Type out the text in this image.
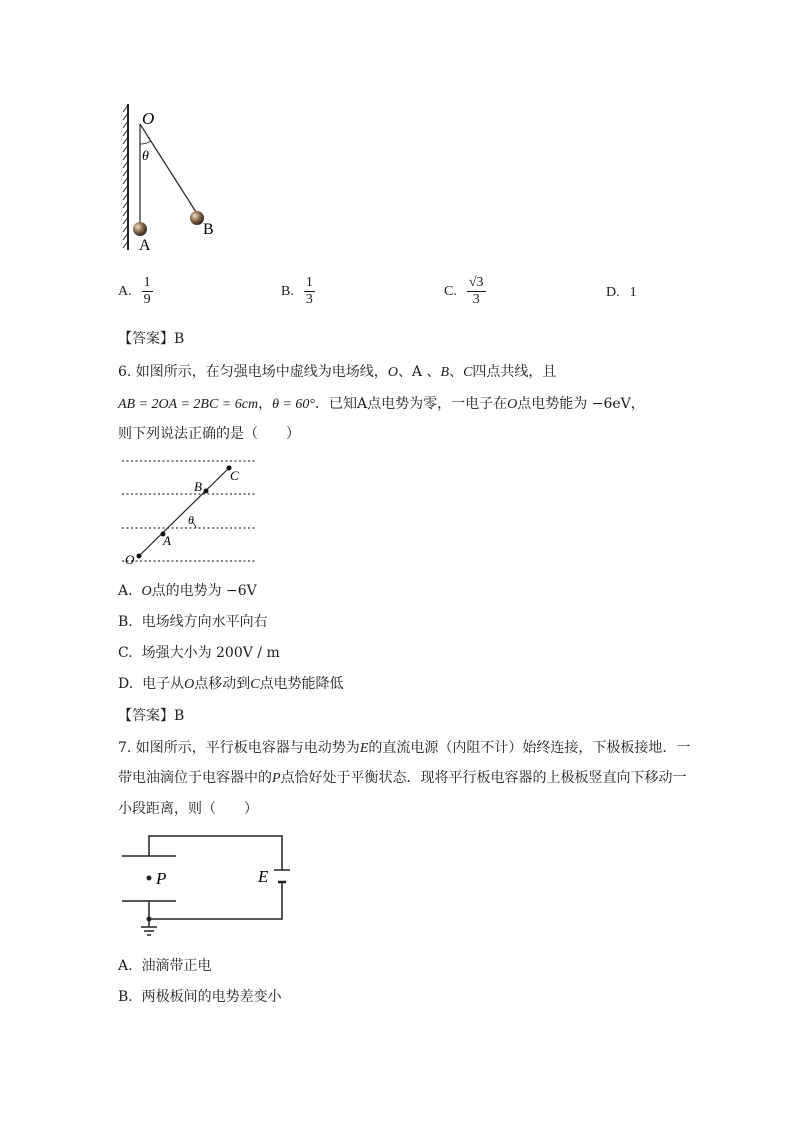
O
θ
A
B
A. $\frac{1}{9}$	B. $\frac{1}{3}$	C. $\frac{√3}{3}$	D. 1
【答案】B
6. 如图所示，在匀强电场中虚线为电场线，O、A 、B、C四点共线，且
AB = 2OA = 2BC = 6cm，θ = 60°．已知A点电势为零，一电子在O点电势能为 −6eV，
则下列说法正确的是（　　）
C
B
θ
A
O
A. O点的电势为 −6V
B. 电场线方向水平向右
C. 场强大小为 200V / m
D. 电子从O点移动到C点电势能降低
【答案】B
7. 如图所示，平行板电容器与电动势为E的直流电源（内阻不计）始终连接，下极板接地．一
带电油滴位于电容器中的P点恰好处于平衡状态．现将平行板电容器的上极板竖直向下移动一
小段距离，则（　　）
P	E
A. 油滴带正电
B. 两极板间的电势差变小
